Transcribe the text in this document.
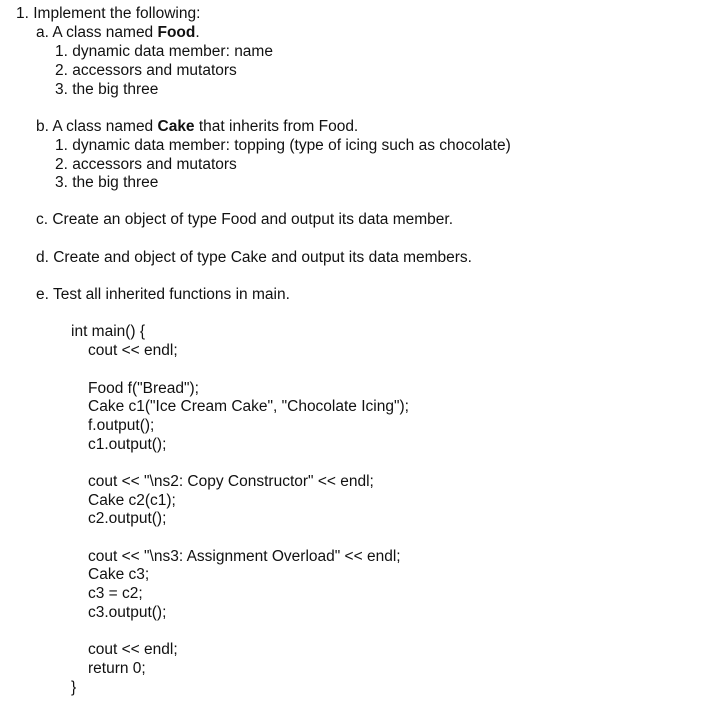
1. Implement the following:
a. A class named Food.
1. dynamic data member: name
2. accessors and mutators
3. the big three
b. A class named Cake that inherits from Food.
1. dynamic data member: topping (type of icing such as chocolate)
2. accessors and mutators
3. the big three
c. Create an object of type Food and output its data member.
d. Create and object of type Cake and output its data members.
e. Test all inherited functions in main.
int main() {
cout << endl;
Food f("Bread");
Cake c1("Ice Cream Cake", "Chocolate Icing");
f.output();
c1.output();
cout << "\ns2: Copy Constructor" << endl;
Cake c2(c1);
c2.output();
cout << "\ns3: Assignment Overload" << endl;
Cake c3;
c3 = c2;
c3.output();
cout << endl;
return 0;
}
